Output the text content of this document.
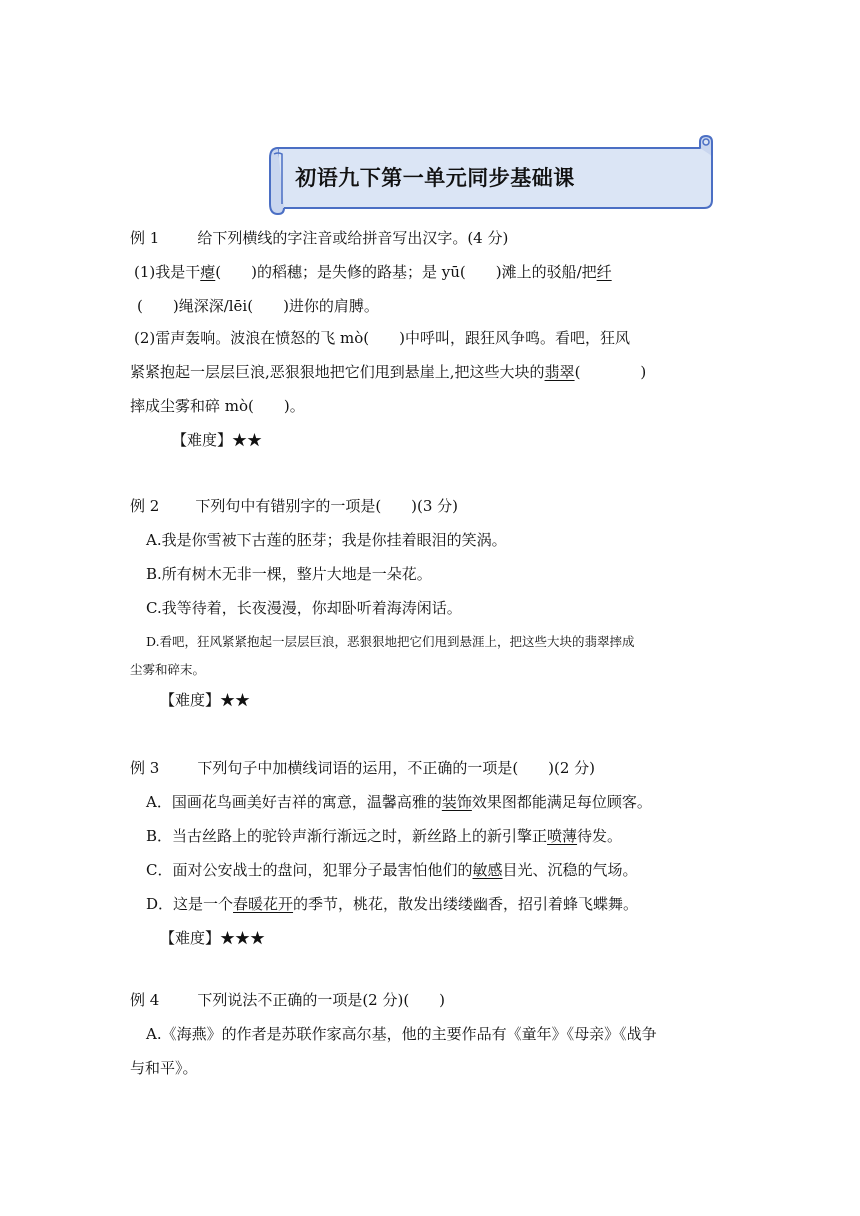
初语九下第一单元同步基础课
例 1	给下列横线的字注音或给拼音写出汉字。(4 分)
(1)我是干瘪(　　)的稻穗；是失修的路基；是 yū(　　)滩上的驳船/把纤
(　　)绳深深/lēi(　　)进你的肩膊。
(2)雷声轰响。波浪在愤怒的飞 mò(　　)中呼叫，跟狂风争鸣。看吧，狂风
紧紧抱起一层层巨浪,恶狠狠地把它们甩到悬崖上,把这些大块的翡翠(　　　　)
摔成尘雾和碎 mò(　　)。
【难度】★★
例 2 下列句中有错别字的一项是(　　)(3 分)
A.我是你雪被下古莲的胚芽；我是你挂着眼泪的笑涡。
B.所有树木无非一棵，整片大地是一朵花。
C.我等待着，长夜漫漫，你却卧听着海涛闲话。
D.看吧，狂风紧紧抱起一层层巨浪，恶狠狠地把它们甩到悬涯上，把这些大块的翡翠摔成
尘雾和碎末。
【难度】★★
例 3	下列句子中加横线词语的运用，不正确的一项是(　　)(2 分)
A．国画花鸟画美好吉祥的寓意，温馨高雅的装饰效果图都能满足每位顾客。
B．当古丝路上的驼铃声渐行渐远之时，新丝路上的新引擎正喷薄待发。
C．面对公安战士的盘问，犯罪分子最害怕他们的敏感目光、沉稳的气场。
D．这是一个春暖花开的季节，桃花，散发出缕缕幽香，招引着蜂飞蝶舞。
【难度】★★★
例 4	下列说法不正确的一项是(2 分)(　　)
A.《海燕》的作者是苏联作家高尔基，他的主要作品有《童年》《母亲》《战争
与和平》。
